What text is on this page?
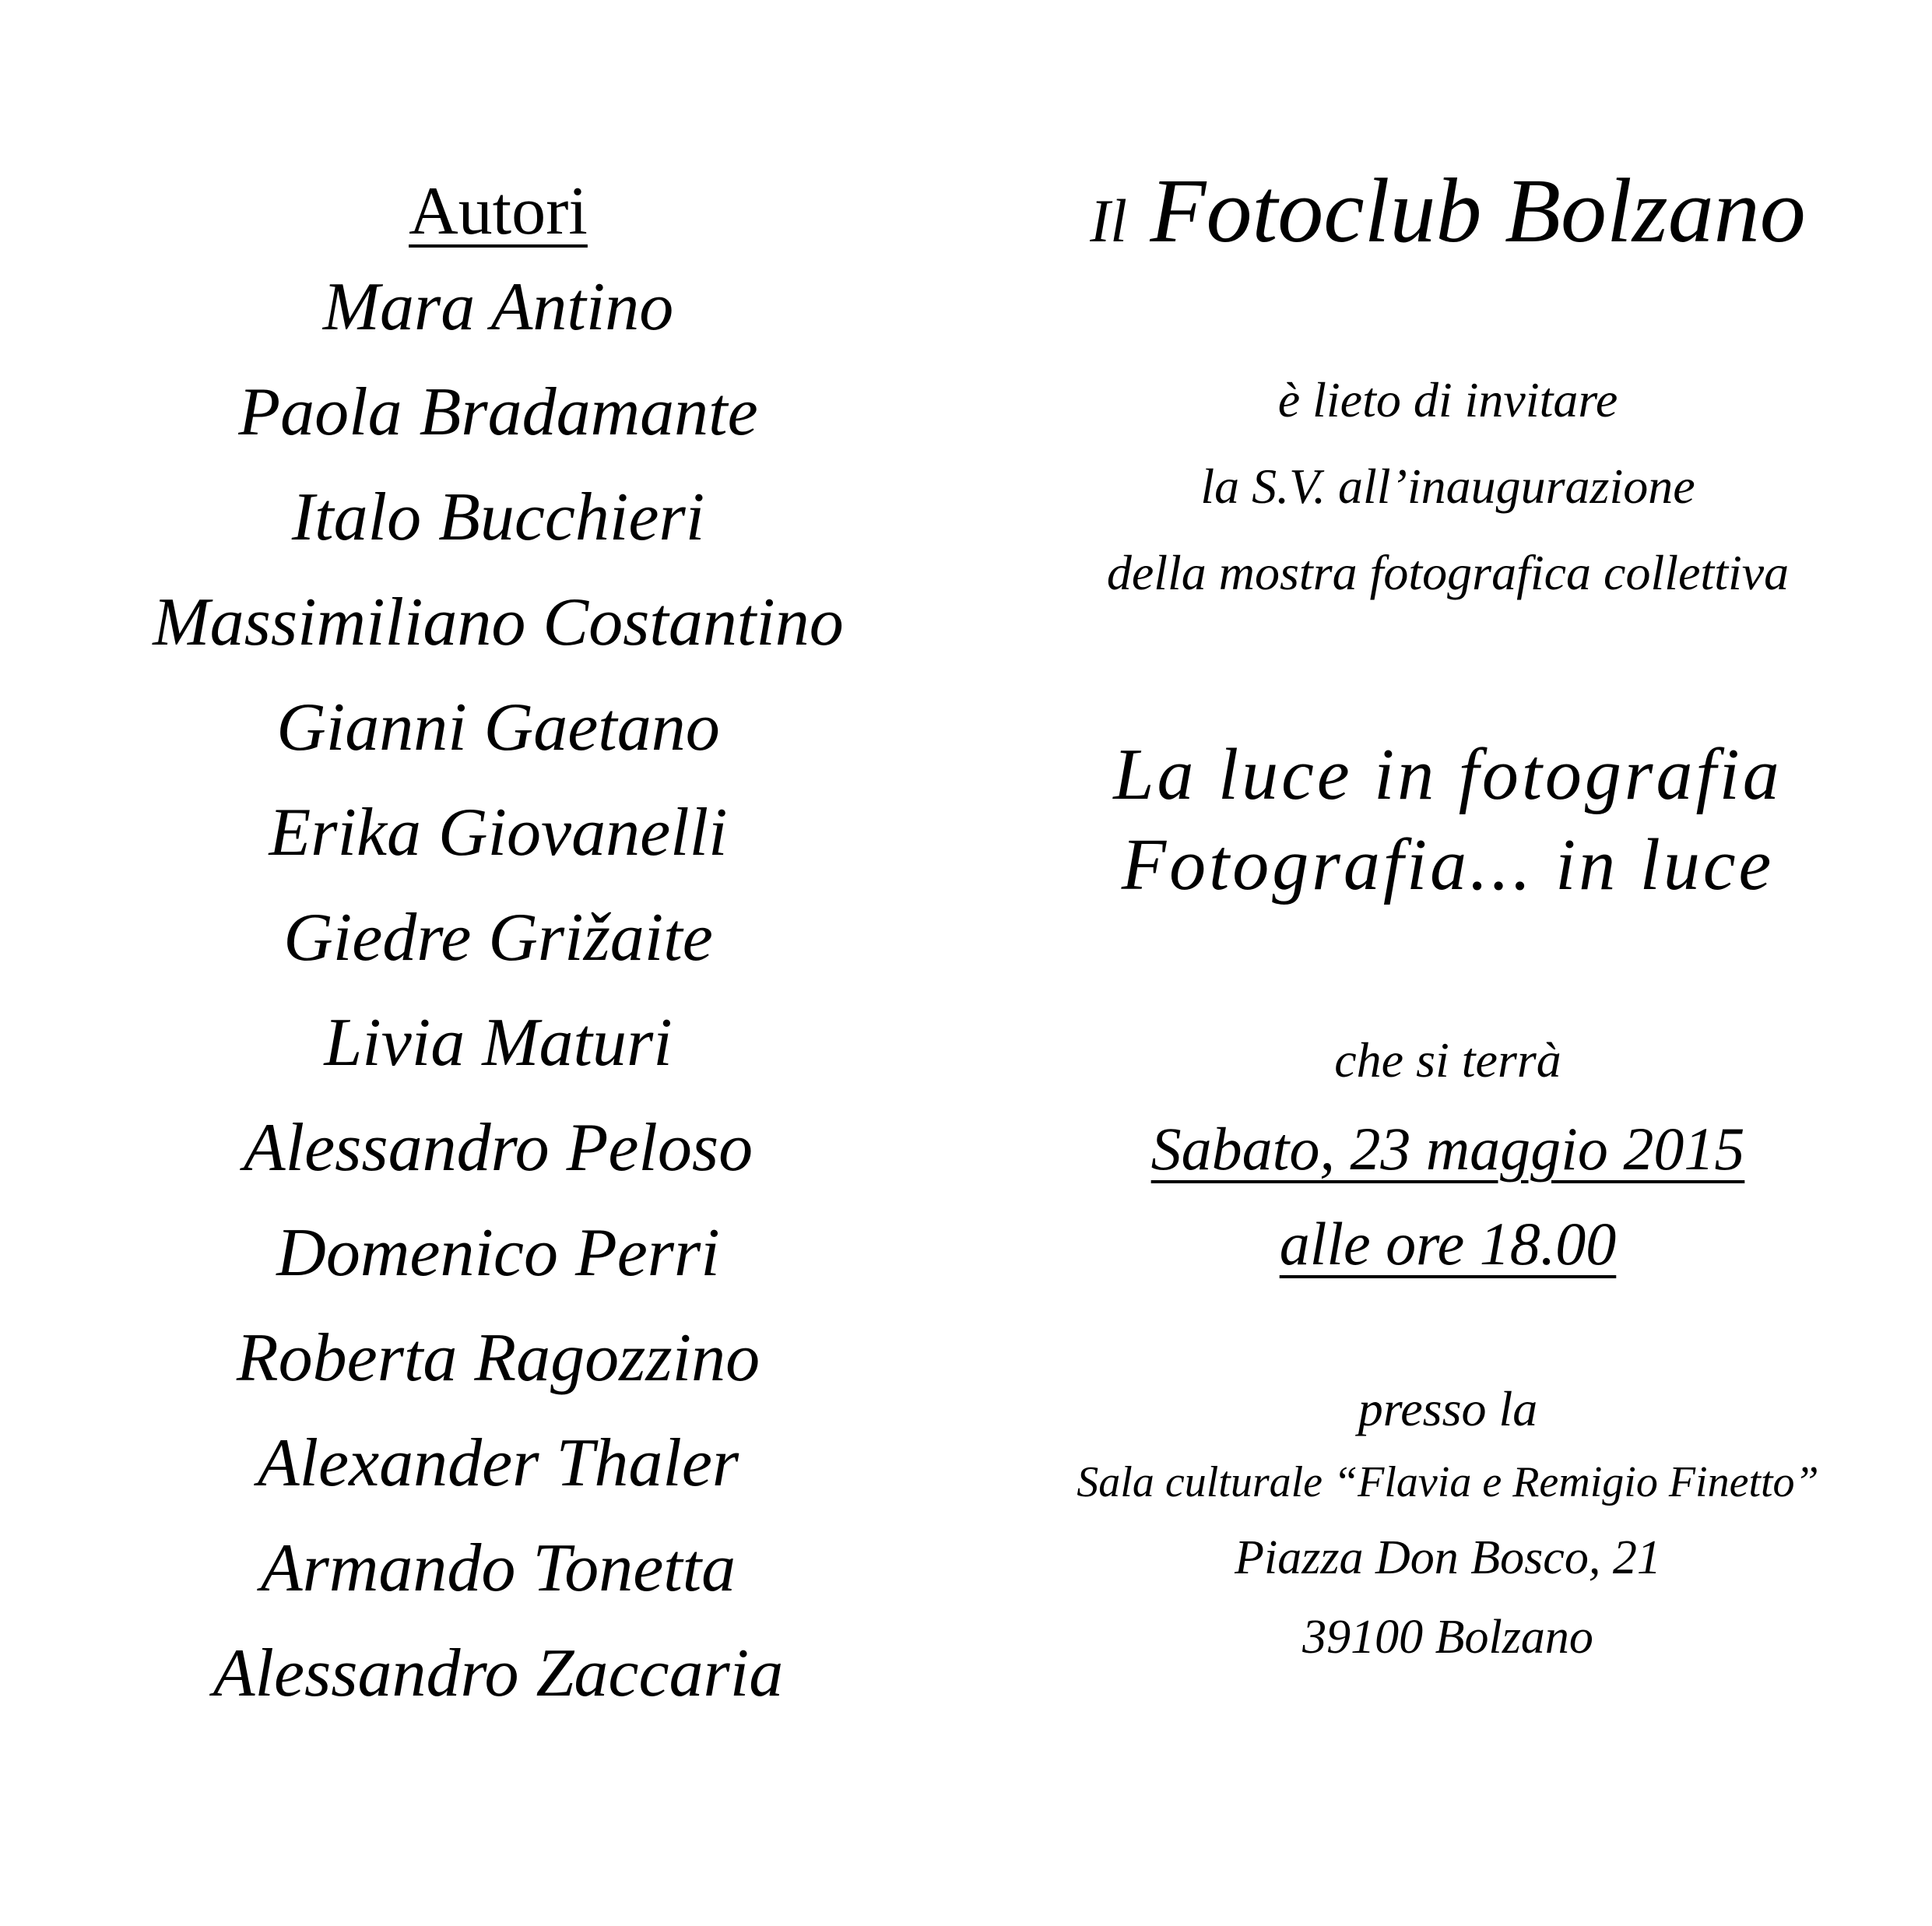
Autori
Mara Antino
Paola Bradamante
Italo Bucchieri
Massimiliano Costantino
Gianni Gaetano
Erika Giovanelli
Giedre Grižaite
Livia Maturi
Alessandro Peloso
Domenico Perri
Roberta Ragozzino
Alexander Thaler
Armando Tonetta
Alessandro Zaccaria
Il Fotoclub Bolzano
è lieto di invitare
la S.V. all’inaugurazione
della mostra fotografica collettiva
La luce in fotografia
Fotografia... in luce
che si terrà
Sabato, 23 maggio 2015
alle ore 18.00
presso la
Sala culturale “Flavia e Remigio Finetto”
Piazza Don Bosco, 21
39100 Bolzano
